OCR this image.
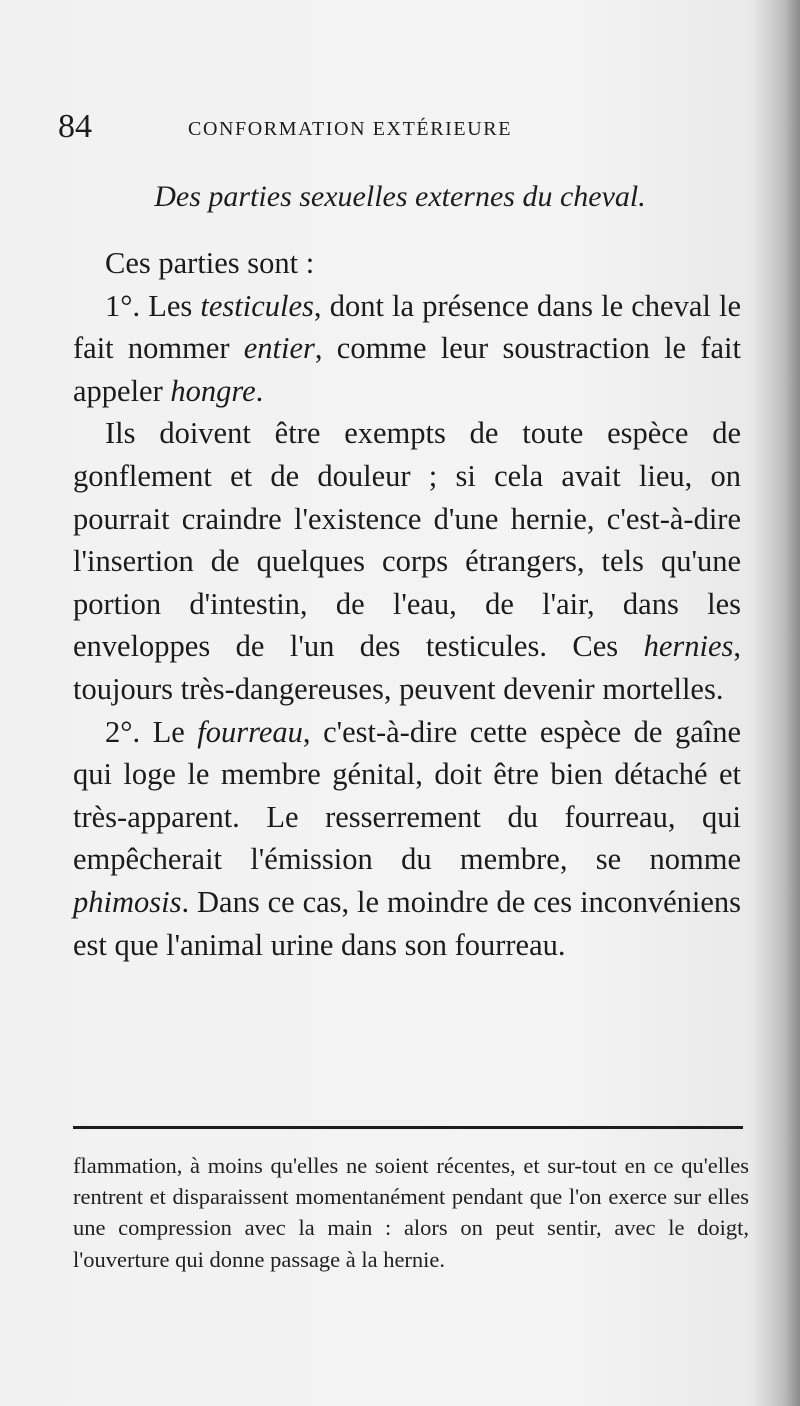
84	CONFORMATION EXTÉRIEURE
Des parties sexuelles externes du cheval.

Ces parties sont :

1°. Les testicules, dont la présence dans le cheval le fait nommer entier, comme leur soustraction le fait appeler hongre.

Ils doivent être exempts de toute espèce de gonflement et de douleur ; si cela avait lieu, on pourrait craindre l'existence d'une hernie, c'est-à-dire l'insertion de quelques corps étrangers, tels qu'une portion d'intestin, de l'eau, de l'air, dans les enveloppes de l'un des testicules. Ces hernies, toujours très-dangereuses, peuvent devenir mortelles.

2°. Le fourreau, c'est-à-dire cette espèce de gaîne qui loge le membre génital, doit être bien détaché et très-apparent. Le resserrement du fourreau, qui empêcherait l'émission du membre, se nomme phimosis. Dans ce cas, le moindre de ces inconvéniens est que l'animal urine dans son fourreau.

flammation, à moins qu'elles ne soient récentes, et sur-tout en ce qu'elles rentrent et disparaissent momentanément pendant que l'on exerce sur elles une compression avec la main : alors on peut sentir, avec le doigt, l'ouverture qui donne passage à la hernie.
